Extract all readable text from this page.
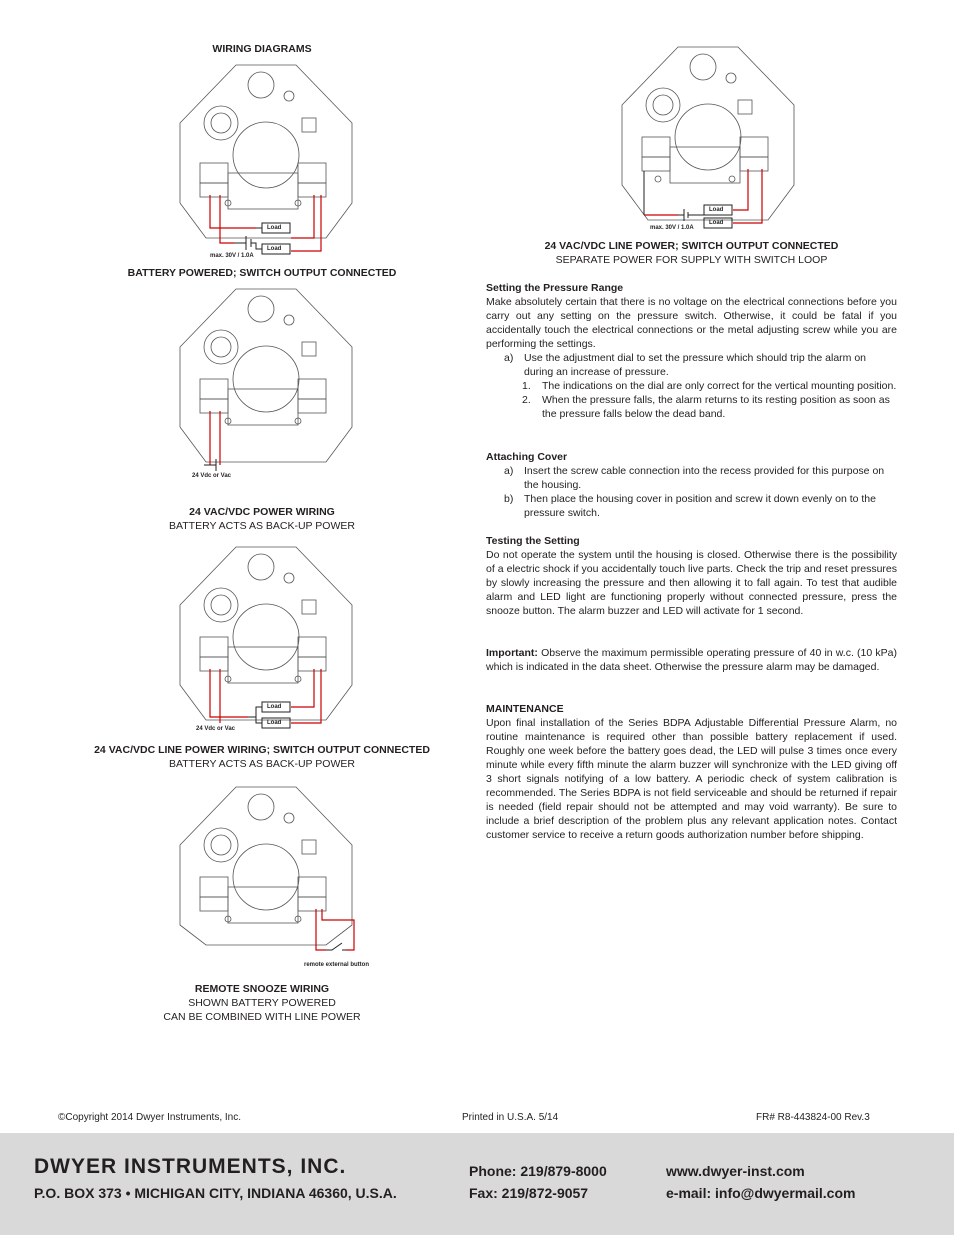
WIRING DIAGRAMS
Load
Load
max. 30V / 1.0A
BATTERY POWERED; SWITCH OUTPUT CONNECTED
24 Vdc or Vac
24 VAC/VDC POWER WIRING
BATTERY ACTS AS BACK-UP POWER
Load
Load
24 Vdc or Vac
24 VAC/VDC LINE POWER WIRING; SWITCH OUTPUT CONNECTED
BATTERY ACTS AS BACK-UP POWER
remote external button
REMOTE SNOOZE WIRING
SHOWN BATTERY POWERED
CAN BE COMBINED WITH LINE POWER
Load
Load
max. 30V / 1.0A
24 VAC/VDC LINE POWER; SWITCH OUTPUT CONNECTED
SEPARATE POWER FOR SUPPLY WITH SWITCH LOOP
Setting the Pressure Range

Make absolutely certain that there is no voltage on the electrical connections before you carry out any setting on the pressure switch. Otherwise, it could be fatal if you accidentally touch the electrical connections or the metal adjusting screw while you are performing the settings.

a) Use the adjustment dial to set the pressure which should trip the alarm on during an increase of pressure.
1. The indications on the dial are only correct for the vertical mounting position.
2. When the pressure falls, the alarm returns to its resting position as soon as the pressure falls below the dead band.
Attaching Cover
a) Insert the screw cable connection into the recess provided for this purpose on the housing.
b) Then place the housing cover in position and screw it down evenly on to the pressure switch.
Testing the Setting

Do not operate the system until the housing is closed. Otherwise there is the possibility of a electric shock if you accidentally touch live parts. Check the trip and reset pressures by slowly increasing the pressure and then allowing it to fall again. To test that audible alarm and LED light are functioning properly without connected pressure, press the snooze button. The alarm buzzer and LED will activate for 1 second.

Important: Observe the maximum permissible operating pressure of 40 in w.c. (10 kPa) which is indicated in the data sheet. Otherwise the pressure alarm may be damaged.

MAINTENANCE

Upon final installation of the Series BDPA Adjustable Differential Pressure Alarm, no routine maintenance is required other than possible battery replacement if used. Roughly one week before the battery goes dead, the LED will pulse 3 times once every minute while every fifth minute the alarm buzzer will synchronize with the LED giving off 3 short signals notifying of a low battery. A periodic check of system calibration is recommended. The Series BDPA is not field serviceable and should be returned if repair is needed (field repair should not be attempted and may void warranty). Be sure to include a brief description of the problem plus any relevant application notes. Contact customer service to receive a return goods authorization number before shipping.

©Copyright 2014 Dwyer Instruments, Inc.	Printed in U.S.A. 5/14	FR# R8-443824-00 Rev.3
DWYER INSTRUMENTS, INC.
P.O. BOX 373 • MICHIGAN CITY, INDIANA 46360, U.S.A.
Phone: 219/879-8000
Fax: 219/872-9057
www.dwyer-inst.com
e-mail: info@dwyermail.com
